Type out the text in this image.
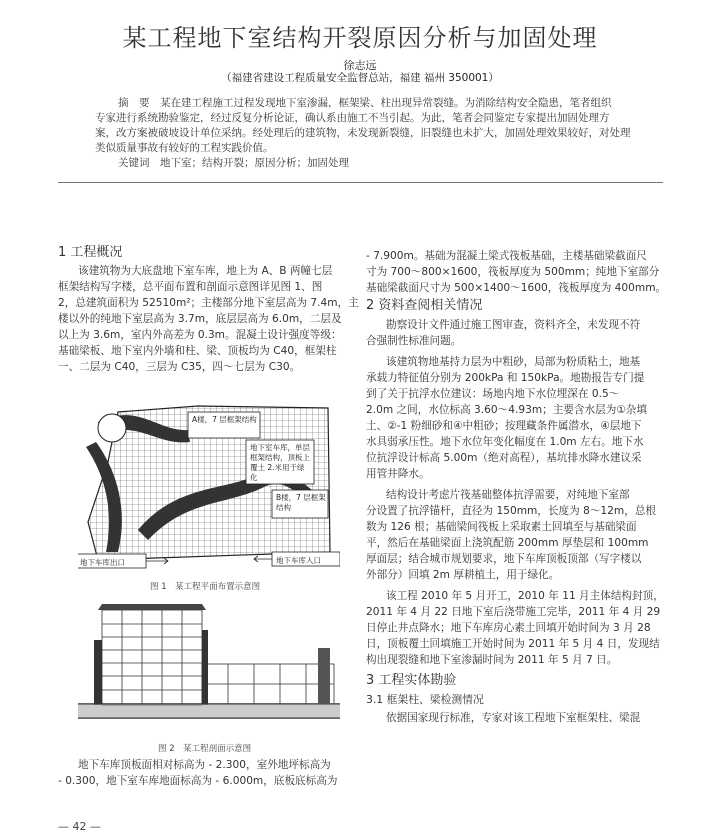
某工程地下室结构开裂原因分析与加固处理
徐志远
（福建省建设工程质量安全监督总站，福建 福州 350001）
摘　要　某在建工程施工过程发现地下室渗漏，框架梁、柱出现异常裂缝。为消除结构安全隐患，笔者组织
专家进行系统勘验鉴定，经过反复分析论证，确认系由施工不当引起。为此，笔者会同鉴定专家提出加固处理方
案，改方案被破坡设计单位采纳。经处理后的建筑物，未发现新裂缝，旧裂缝也未扩大，加固处理效果较好，对处理
类似质量事故有较好的工程实践价值。
关键词　地下室；结构开裂；原因分析；加固处理
1 工程概况
该建筑物为大底盘地下室车库，地上为 A、B 两幢七层
框架结构写字楼，总平面布置和剖面示意图详见图 1、图
2，总建筑面积为 52510m²；主楼部分地下室层高为 7.4m，主
楼以外的纯地下室层高为 3.7m，底层层高为 6.0m，二层及
以上为 3.6m，室内外高差为 0.3m。混凝土设计强度等级：
基础梁板、地下室内外墙和柱、梁、顶板均为 C40，框架柱
一、二层为 C40，三层为 C35，四～七层为 C30。
A楼，7 层框架结构
地下室车库，单层框架结构，顶板上覆土 2.米用于绿化
B楼，7 层框架结构
地下车库出口	地下车库入口
图 1　某工程平面布置示意图
图 2　某工程剖面示意图
地下车库顶板面相对标高为 - 2.300，室外地坪标高为
- 0.300，地下室车库地面标高为 - 6.000m，底板底标高为
- 7.900m。基础为混凝土梁式筏板基础，主楼基础梁截面尺
寸为 700～800×1600，筏板厚度为 500mm；纯地下室部分
基础梁截面尺寸为 500×1400～1600，筏板厚度为 400mm。
2 资料查阅相关情况
勘察设计文件通过施工图审查，资料齐全，未发现不符
合强制性标准问题。
该建筑物地基持力层为中粗砂，局部为粉质粘土，地基
承载力特征值分别为 200kPa 和 150kPa。地勘报告专门提
到了关于抗浮水位建议：场地内地下水位埋深在 0.5～
2.0m 之间，水位标高 3.60～4.93m；主要含水层为①杂填
土、②-1 粉细砂和④中粗砂；按理藏条件属潜水，④层地下
水具弱承压性。地下水位年变化幅度在 1.0m 左右。地下水
位抗浮设计标高 5.00m（绝对高程），基坑排水降水建议采
用管井降水。
结构设计考虑片筏基础整体抗浮需要，对纯地下室部
分设置了抗浮锚杆，直径为 150mm，长度为 8～12m，总根
数为 126 根；基础梁间筏板上采取素土回填至与基础梁面
平，然后在基础梁面上浇筑配筋 200mm 厚垫层和 100mm
厚面层；结合城市规划要求，地下车库顶板顶部（写字楼以
外部分）回填 2m 厚耕植土，用于绿化。
该工程 2010 年 5 月开工，2010 年 11 月主体结构封顶，
2011 年 4 月 22 日地下室后浇带施工完毕，2011 年 4 月 29
日停止井点降水；地下车库房心素土回填开始时间为 3 月 28
日，顶板覆土回填施工开始时间为 2011 年 5 月 4 日，发现结
构出现裂缝和地下室渗漏时间为 2011 年 5 月 7 日。
3 工程实体勘验
3.1 框架柱、梁检测情况
依据国家现行标准，专家对该工程地下室框架柱、梁混
— 42 —
